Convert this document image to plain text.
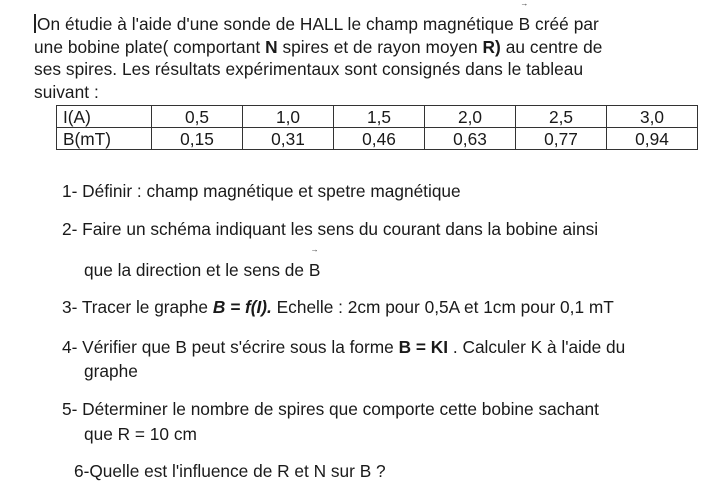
On étudie à l'aide d'une sonde de HALL le champ magnétique
→
B créé par
une bobine plate( comportant N spires et de rayon moyen R) au centre de
ses spires. Les résultats expérimentaux sont consignés dans le tableau
suivant :
I(A)	0,5	1,0	1,5	2,0	2,5	3,0
B(mT)	0,15	0,31	0,46	0,63	0,77	0,94
1- Définir : champ magnétique et spetre magnétique
2- Faire un schéma indiquant les sens du courant dans la bobine ainsi
que la direction et le sens de
→
B
3- Tracer le graphe B = f(I). Echelle : 2cm pour 0,5A et 1cm pour 0,1 mT
4- Vérifier que B peut s'écrire sous la forme B = KI . Calculer K à l'aide du
graphe
5- Déterminer le nombre de spires que comporte cette bobine sachant
que R = 10 cm
6-Quelle est l'influence de R et N sur B ?
